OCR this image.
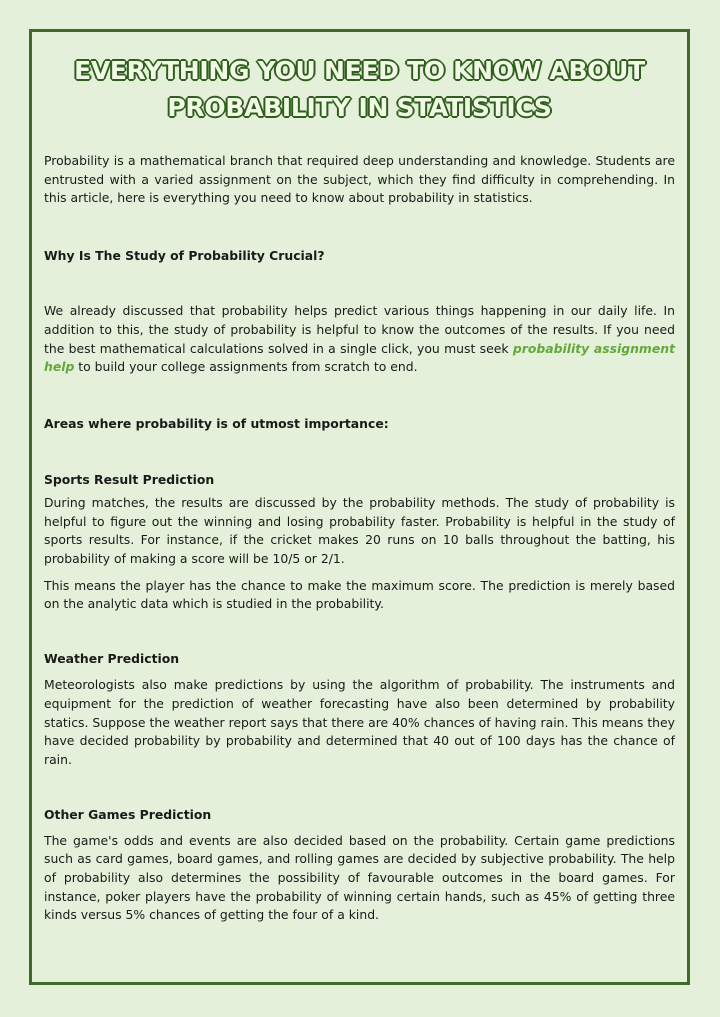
EVERYTHING YOU NEED TO KNOW ABOUT
PROBABILITY IN STATISTICS

Probability is a mathematical branch that required deep understanding and knowledge. Students are entrusted with a varied assignment on the subject, which they find difficulty in comprehending. In this article, here is everything you need to know about probability in statistics.

Why Is The Study of Probability Crucial?

We already discussed that probability helps predict various things happening in our daily life. In addition to this, the study of probability is helpful to know the outcomes of the results. If you need the best mathematical calculations solved in a single click, you must seek probability assignment help to build your college assignments from scratch to end.

Areas where probability is of utmost importance:
Sports Result Prediction

During matches, the results are discussed by the probability methods. The study of probability is helpful to figure out the winning and losing probability faster. Probability is helpful in the study of sports results. For instance, if the cricket makes 20 runs on 10 balls throughout the batting, his probability of making a score will be 10/5 or 2/1.

This means the player has the chance to make the maximum score. The prediction is merely based on the analytic data which is studied in the probability.

Weather Prediction

Meteorologists also make predictions by using the algorithm of probability. The instruments and equipment for the prediction of weather forecasting have also been determined by probability statics. Suppose the weather report says that there are 40% chances of having rain. This means they have decided probability by probability and determined that 40 out of 100 days has the chance of rain.

Other Games Prediction

The game's odds and events are also decided based on the probability. Certain game predictions such as card games, board games, and rolling games are decided by subjective probability. The help of probability also determines the possibility of favourable outcomes in the board games. For instance, poker players have the probability of winning certain hands, such as 45% of getting three kinds versus 5% chances of getting the four of a kind.
